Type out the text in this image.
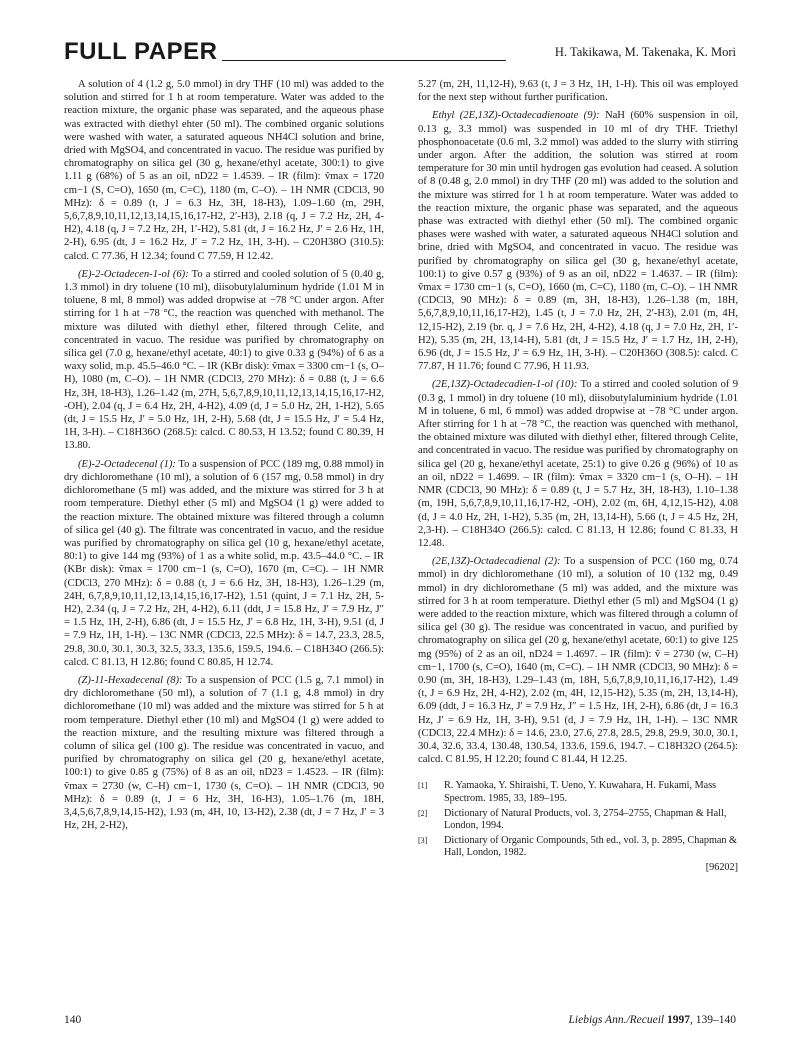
FULL PAPER	H. Takikawa, M. Takenaka, K. Mori

A solution of 4 (1.2 g, 5.0 mmol) in dry THF (10 ml) was added to the solution and stirred for 1 h at room temperature. Water was added to the reaction mixture, the organic phase was separated, and the aqueous phase was extracted with diethyl ehter (50 ml). The combined organic solutions were washed with water, a saturated aqueous NH4Cl solution and brine, dried with MgSO4, and concentrated in vacuo. The residue was purified by chromatography on silica gel (30 g, hexane/ethyl acetate, 300:1) to give 1.11 g (68%) of 5 as an oil, nD22 = 1.4539. – IR (film): ṽmax = 1720 cm−1 (S, C=O), 1650 (m, C=C), 1180 (m, C–O). – 1H NMR (CDCl3, 90 MHz): δ = 0.89 (t, J = 6.3 Hz, 3H, 18-H3), 1.09–1.60 (m, 29H, 5,6,7,8,9,10,11,12,13,14,15,16,17-H2, 2′-H3), 2.18 (q, J = 7.2 Hz, 2H, 4-H2), 4.18 (q, J = 7.2 Hz, 2H, 1′-H2), 5.81 (dt, J = 16.2 Hz, J′ = 2.6 Hz, 1H, 2-H), 6.95 (dt, J = 16.2 Hz, J′ = 7.2 Hz, 1H, 3-H). – C20H38O (310.5): calcd. C 77.36, H 12.34; found C 77.59, H 12.42.

(E)-2-Octadecen-1-ol (6): To a stirred and cooled solution of 5 (0.40 g, 1.3 mmol) in dry toluene (10 ml), diisobutylaluminum hydride (1.01 M in toluene, 8 ml, 8 mmol) was added dropwise at −78 °C under argon. After stirring for 1 h at −78 °C, the reaction was quenched with methanol. The mixture was diluted with diethyl ether, filtered through Celite, and concentrated in vacuo. The residue was purified by chromatography on silica gel (7.0 g, hexane/ethyl acetate, 40:1) to give 0.33 g (94%) of 6 as a waxy solid, m.p. 45.5–46.0 °C. – IR (KBr disk): ṽmax = 3300 cm−1 (s, O–H), 1080 (m, C–O). – 1H NMR (CDCl3, 270 MHz): δ = 0.88 (t, J = 6.6 Hz, 3H, 18-H3), 1.26–1.42 (m, 27H, 5,6,7,8,9,10,11,12,13,14,15,16,17-H2, -OH), 2.04 (q, J = 6.4 Hz, 2H, 4-H2), 4.09 (d, J = 5.0 Hz, 2H, 1-H2), 5.65 (dt, J = 15.5 Hz, J′ = 5.0 Hz, 1H, 2-H), 5.68 (dt, J = 15.5 Hz, J′ = 5.4 Hz, 1H, 3-H). – C18H36O (268.5): calcd. C 80.53, H 13.52; found C 80.39, H 13.80.

(E)-2-Octadecenal (1): To a suspension of PCC (189 mg, 0.88 mmol) in dry dichloromethane (10 ml), a solution of 6 (157 mg, 0.58 mmol) in dry dichloromethane (5 ml) was added, and the mixture was stirred for 3 h at room temperature. Diethyl ether (5 ml) and MgSO4 (1 g) were added to the reaction mixture. The obtained mixture was filtered through a column of silica gel (40 g). The filtrate was concentrated in vacuo, and the residue was purified by chromatography on silica gel (10 g, hexane/ethyl acetate, 80:1) to give 144 mg (93%) of 1 as a white solid, m.p. 43.5–44.0 °C. – IR (KBr disk): ṽmax = 1700 cm−1 (s, C=O), 1670 (m, C=C). – 1H NMR (CDCl3, 270 MHz): δ = 0.88 (t, J = 6.6 Hz, 3H, 18-H3), 1.26–1.29 (m, 24H, 6,7,8,9,10,11,12,13,14,15,16,17-H2), 1.51 (quint, J = 7.1 Hz, 2H, 5-H2), 2.34 (q, J = 7.2 Hz, 2H, 4-H2), 6.11 (ddt, J = 15.8 Hz, J′ = 7.9 Hz, J″ = 1.5 Hz, 1H, 2-H), 6.86 (dt, J = 15.5 Hz, J′ = 6.8 Hz, 1H, 3-H), 9.51 (d, J = 7.9 Hz, 1H, 1-H). – 13C NMR (CDCl3, 22.5 MHz): δ = 14.7, 23.3, 28.5, 29.8, 30.0, 30.1, 30.3, 32.5, 33.3, 135.6, 159.5, 194.6. – C18H34O (266.5): calcd. C 81.13, H 12.86; found C 80.85, H 12.74.

(Z)-11-Hexadecenal (8): To a suspension of PCC (1.5 g, 7.1 mmol) in dry dichloromethane (50 ml), a solution of 7 (1.1 g, 4.8 mmol) in dry dichloromethane (10 ml) was added and the mixture was stirred for 5 h at room temperature. Diethyl ether (10 ml) and MgSO4 (1 g) were added to the reaction mixture, and the resulting mixture was filtered through a column of silica gel (100 g). The residue was concentrated in vacuo, and purified by chromatography on silica gel (20 g, hexane/ethyl acetate, 100:1) to give 0.85 g (75%) of 8 as an oil, nD23 = 1.4523. – IR (film): ṽmax = 2730 (w, C–H) cm−1, 1730 (s, C=O). – 1H NMR (CDCl3, 90 MHz): δ = 0.89 (t, J = 6 Hz, 3H, 16-H3), 1.05–1.76 (m, 18H, 3,4,5,6,7,8,9,14,15-H2), 1.93 (m, 4H, 10, 13-H2), 2.38 (dt, J = 7 Hz, J′ = 3 Hz, 2H, 2-H2),

5.27 (m, 2H, 11,12-H), 9.63 (t, J = 3 Hz, 1H, 1-H). This oil was employed for the next step without further purification.

Ethyl (2E,13Z)-Octadecadienoate (9): NaH (60% suspension in oil, 0.13 g, 3.3 mmol) was suspended in 10 ml of dry THF. Triethyl phosphonoacetate (0.6 ml, 3.2 mmol) was added to the slurry with stirring under argon. After the addition, the solution was stirred at room temperature for 30 min until hydrogen gas evolution had ceased. A solution of 8 (0.48 g, 2.0 mmol) in dry THF (20 ml) was added to the solution and the mixture was stirred for 1 h at room temperature. Water was added to the reaction mixture, the organic phase was separated, and the aqueous phase was extracted with diethyl ether (50 ml). The combined organic phases were washed with water, a saturated aqueous NH4Cl solution and brine, dried with MgSO4, and concentrated in vacuo. The residue was purified by chromatography on silica gel (30 g, hexane/ethyl acetate, 100:1) to give 0.57 g (93%) of 9 as an oil, nD22 = 1.4637. – IR (film): ṽmax = 1730 cm−1 (s, C=O), 1660 (m, C=C), 1180 (m, C–O). – 1H NMR (CDCl3, 90 MHz): δ = 0.89 (m, 3H, 18-H3), 1.26–1.38 (m, 18H, 5,6,7,8,9,10,11,16,17-H2), 1.45 (t, J = 7.0 Hz, 2H, 2′-H3), 2.01 (m, 4H, 12,15-H2), 2.19 (br. q, J = 7.6 Hz, 2H, 4-H2), 4.18 (q, J = 7.0 Hz, 2H, 1′-H2), 5.35 (m, 2H, 13,14-H), 5.81 (dt, J = 15.5 Hz, J′ = 1.7 Hz, 1H, 2-H), 6.96 (dt, J = 15.5 Hz, J′ = 6.9 Hz, 1H, 3-H). – C20H36O (308.5): calcd. C 77.87, H 11.76; found C 77.96, H 11.93.

(2E,13Z)-Octadecadien-1-ol (10): To a stirred and cooled solution of 9 (0.3 g, 1 mmol) in dry toluene (10 ml), diisobutylaluminium hydride (1.01 M in toluene, 6 ml, 6 mmol) was added dropwise at −78 °C under argon. After stirring for 1 h at −78 °C, the reaction was quenched with methanol, the obtained mixture was diluted with diethyl ether, filtered through Celite, and concentrated in vacuo. The residue was purified by chromatography on silica gel (20 g, hexane/ethyl acetate, 25:1) to give 0.26 g (96%) of 10 as an oil, nD22 = 1.4699. – IR (film): ṽmax = 3320 cm−1 (s, O–H). – 1H NMR (CDCl3, 90 MHz): δ = 0.89 (t, J = 5.7 Hz, 3H, 18-H3), 1.10–1.38 (m, 19H, 5,6,7,8,9,10,11,16,17-H2, -OH), 2.02 (m, 6H, 4,12,15-H2), 4.08 (d, J = 4.0 Hz, 2H, 1-H2), 5.35 (m, 2H, 13,14-H), 5.66 (t, J = 4.5 Hz, 2H, 2,3-H). – C18H34O (266.5): calcd. C 81.13, H 12.86; found C 81.33, H 12.48.

(2E,13Z)-Octadecadienal (2): To a suspension of PCC (160 mg, 0.74 mmol) in dry dichloromethane (10 ml), a solution of 10 (132 mg, 0.49 mmol) in dry dichloromethane (5 ml) was added, and the mixture was stirred for 3 h at room temperature. Diethyl ether (5 ml) and MgSO4 (1 g) were added to the reaction mixture, which was filtered through a column of silica gel (30 g). The residue was concentrated in vacuo, and purified by chromatography on silica gel (20 g, hexane/ethyl acetate, 60:1) to give 125 mg (95%) of 2 as an oil, nD24 = 1.4697. – IR (film): ṽ = 2730 (w, C–H) cm−1, 1700 (s, C=O), 1640 (m, C=C). – 1H NMR (CDCl3, 90 MHz): δ = 0.90 (m, 3H, 18-H3), 1.29–1.43 (m, 18H, 5,6,7,8,9,10,11,16,17-H2), 1.49 (t, J = 6.9 Hz, 2H, 4-H2), 2.02 (m, 4H, 12,15-H2), 5.35 (m, 2H, 13,14-H), 6.09 (ddt, J = 16.3 Hz, J′ = 7.9 Hz, J″ = 1.5 Hz, 1H, 2-H), 6.86 (dt, J = 16.3 Hz, J′ = 6.9 Hz, 1H, 3-H), 9.51 (d, J = 7.9 Hz, 1H, 1-H). – 13C NMR (CDCl3, 22.4 MHz): δ = 14.6, 23.0, 27.6, 27.8, 28.5, 29.8, 29.9, 30.0, 30.1, 30.4, 32.6, 33.4, 130.48, 130.54, 133.6, 159.6, 194.7. – C18H32O (264.5): calcd. C 81.95, H 12.20; found C 81.44, H 12.25.

[1]	R. Yamaoka, Y. Shiraishi, T. Ueno, Y. Kuwahara, H. Fukami, Mass Spectrom. 1985, 33, 189–195.
[2]	Dictionary of Natural Products, vol. 3, 2754–2755, Chapman & Hall, London, 1994.
[3]	Dictionary of Organic Compounds, 5th ed., vol. 3, p. 2895, Chapman & Hall, London, 1982.
[96202]
140	Liebigs Ann./Recueil 1997, 139–140
